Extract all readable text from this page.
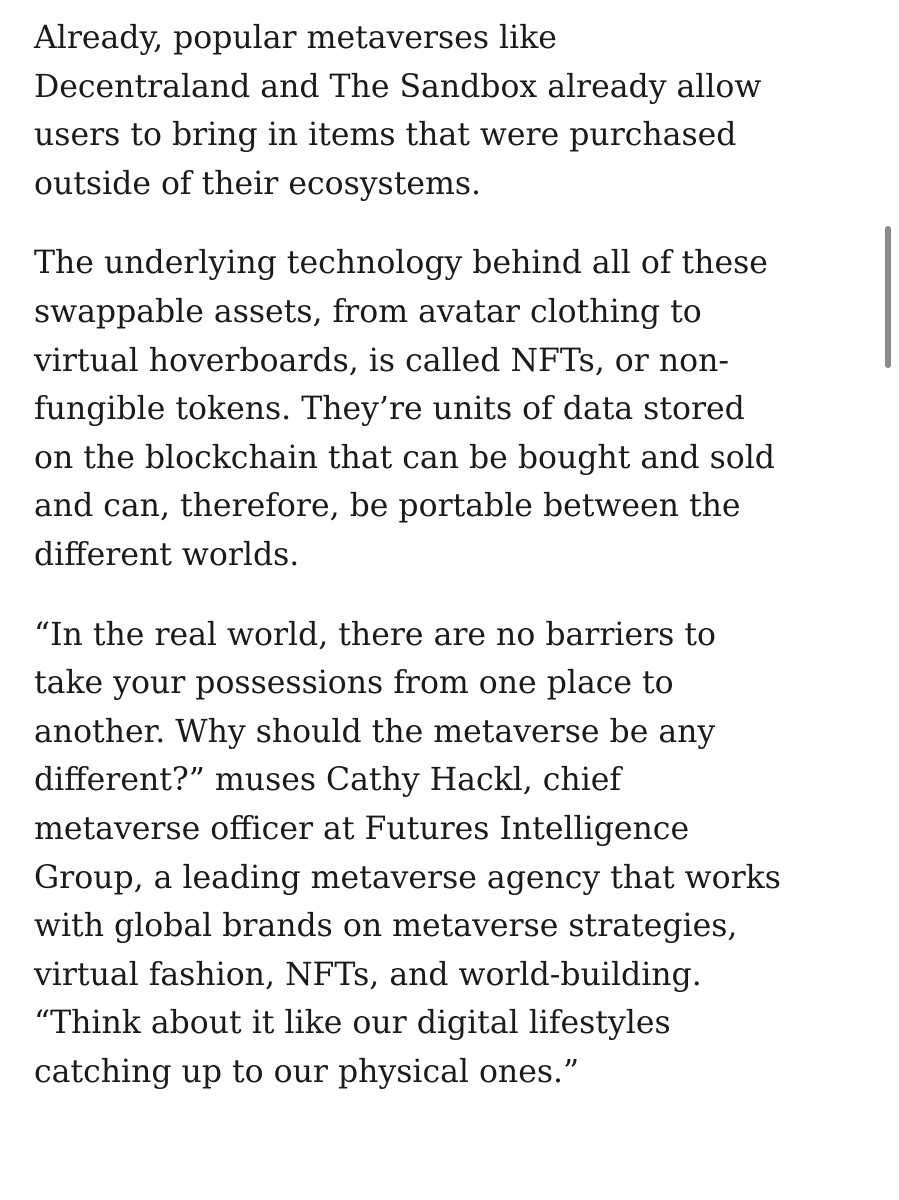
Already, popular metaverses like
Decentraland and The Sandbox already allow
users to bring in items that were purchased
outside of their ecosystems.
The underlying technology behind all of these
swappable assets, from avatar clothing to
virtual hoverboards, is called NFTs, or non-
fungible tokens. They’re units of data stored
on the blockchain that can be bought and sold
and can, therefore, be portable between the
different worlds.
“In the real world, there are no barriers to
take your possessions from one place to
another. Why should the metaverse be any
different?” muses Cathy Hackl, chief
metaverse officer at Futures Intelligence
Group, a leading metaverse agency that works
with global brands on metaverse strategies,
virtual fashion, NFTs, and world-building.
“Think about it like our digital lifestyles
catching up to our physical ones.”
